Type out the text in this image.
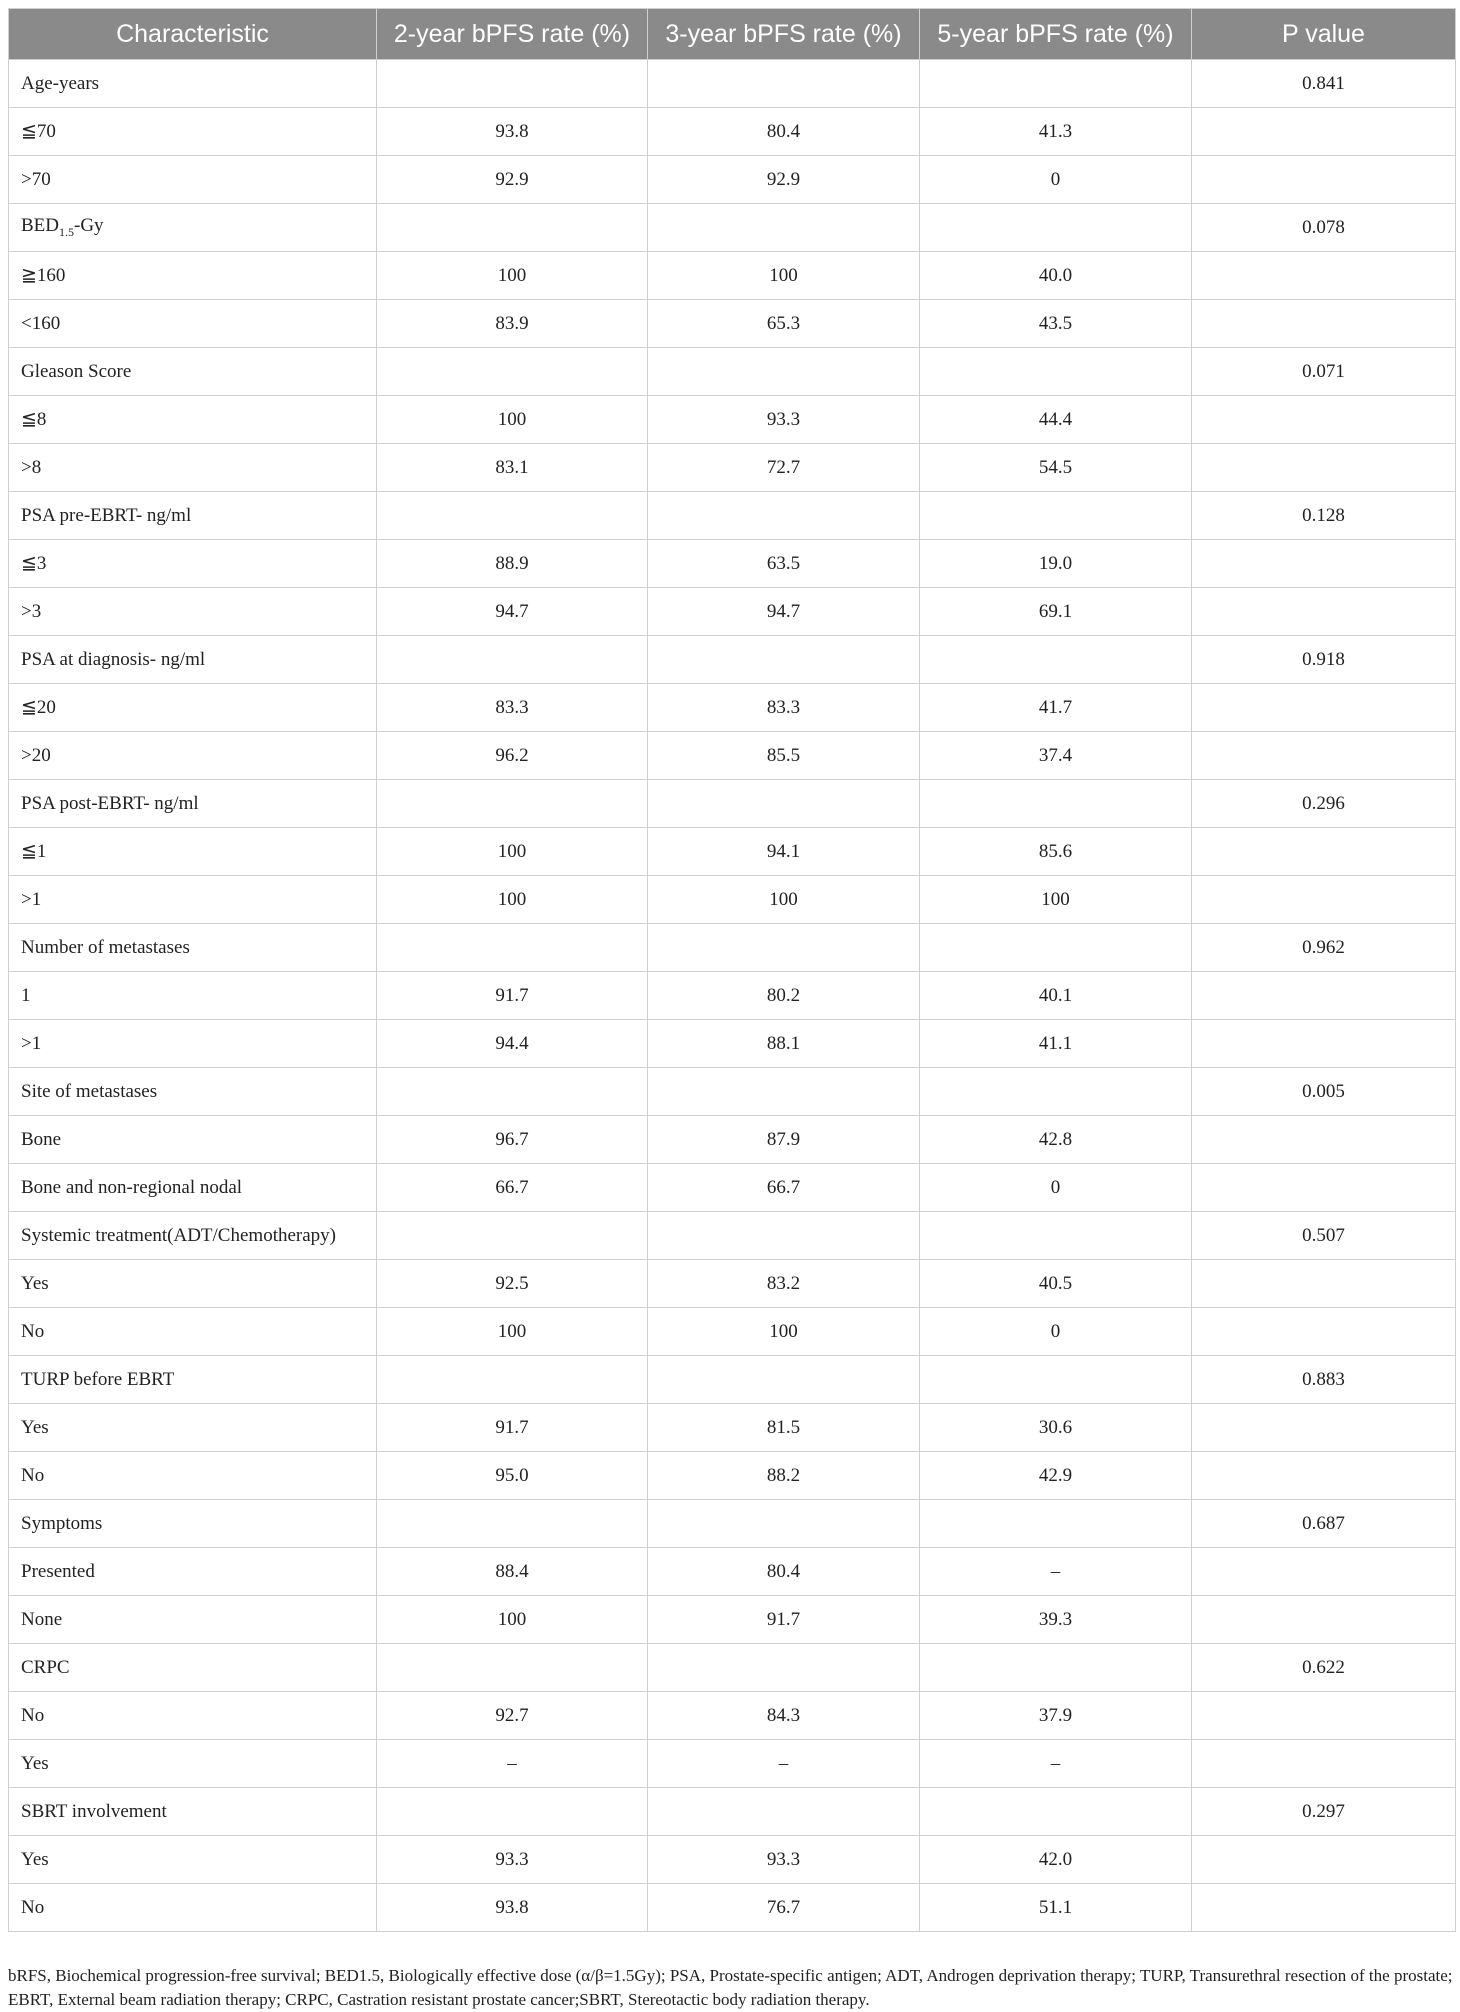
Characteristic	2-year bPFS rate (%)	3-year bPFS rate (%)	5-year bPFS rate (%)	P value
Age-years				0.841
≦70	93.8	80.4	41.3	
>70	92.9	92.9	0	
$BED_{1.5}-Gy$				0.078
≧160	100	100	40.0	
<160	83.9	65.3	43.5	
Gleason Score				0.071
≦8	100	93.3	44.4	
>8	83.1	72.7	54.5	
PSA pre-EBRT- ng/ml				0.128
≦3	88.9	63.5	19.0	
>3	94.7	94.7	69.1	
PSA at diagnosis- ng/ml				0.918
≦20	83.3	83.3	41.7	
>20	96.2	85.5	37.4	
PSA post-EBRT- ng/ml				0.296
≦1	100	94.1	85.6	
>1	100	100	100	
Number of metastases				0.962
1	91.7	80.2	40.1	
>1	94.4	88.1	41.1	
Site of metastases				0.005
Bone	96.7	87.9	42.8	
Bone and non-regional nodal	66.7	66.7	0	
Systemic treatment(ADT/Chemotherapy)				0.507
Yes	92.5	83.2	40.5	
No	100	100	0	
TURP before EBRT				0.883
Yes	91.7	81.5	30.6	
No	95.0	88.2	42.9	
Symptoms				0.687
Presented	88.4	80.4	–	
None	100	91.7	39.3	
CRPC				0.622
No	92.7	84.3	37.9	
Yes	–	–	–	
SBRT involvement				0.297
Yes	93.3	93.3	42.0	
No	93.8	76.7	51.1	
bRFS, Biochemical progression-free survival; BED1.5, Biologically effective dose (α/β=1.5Gy); PSA, Prostate-specific antigen; ADT, Androgen deprivation therapy; TURP, Transurethral resection of the prostate; EBRT, External beam radiation therapy; CRPC, Castration resistant prostate cancer;SBRT, Stereotactic body radiation therapy.
